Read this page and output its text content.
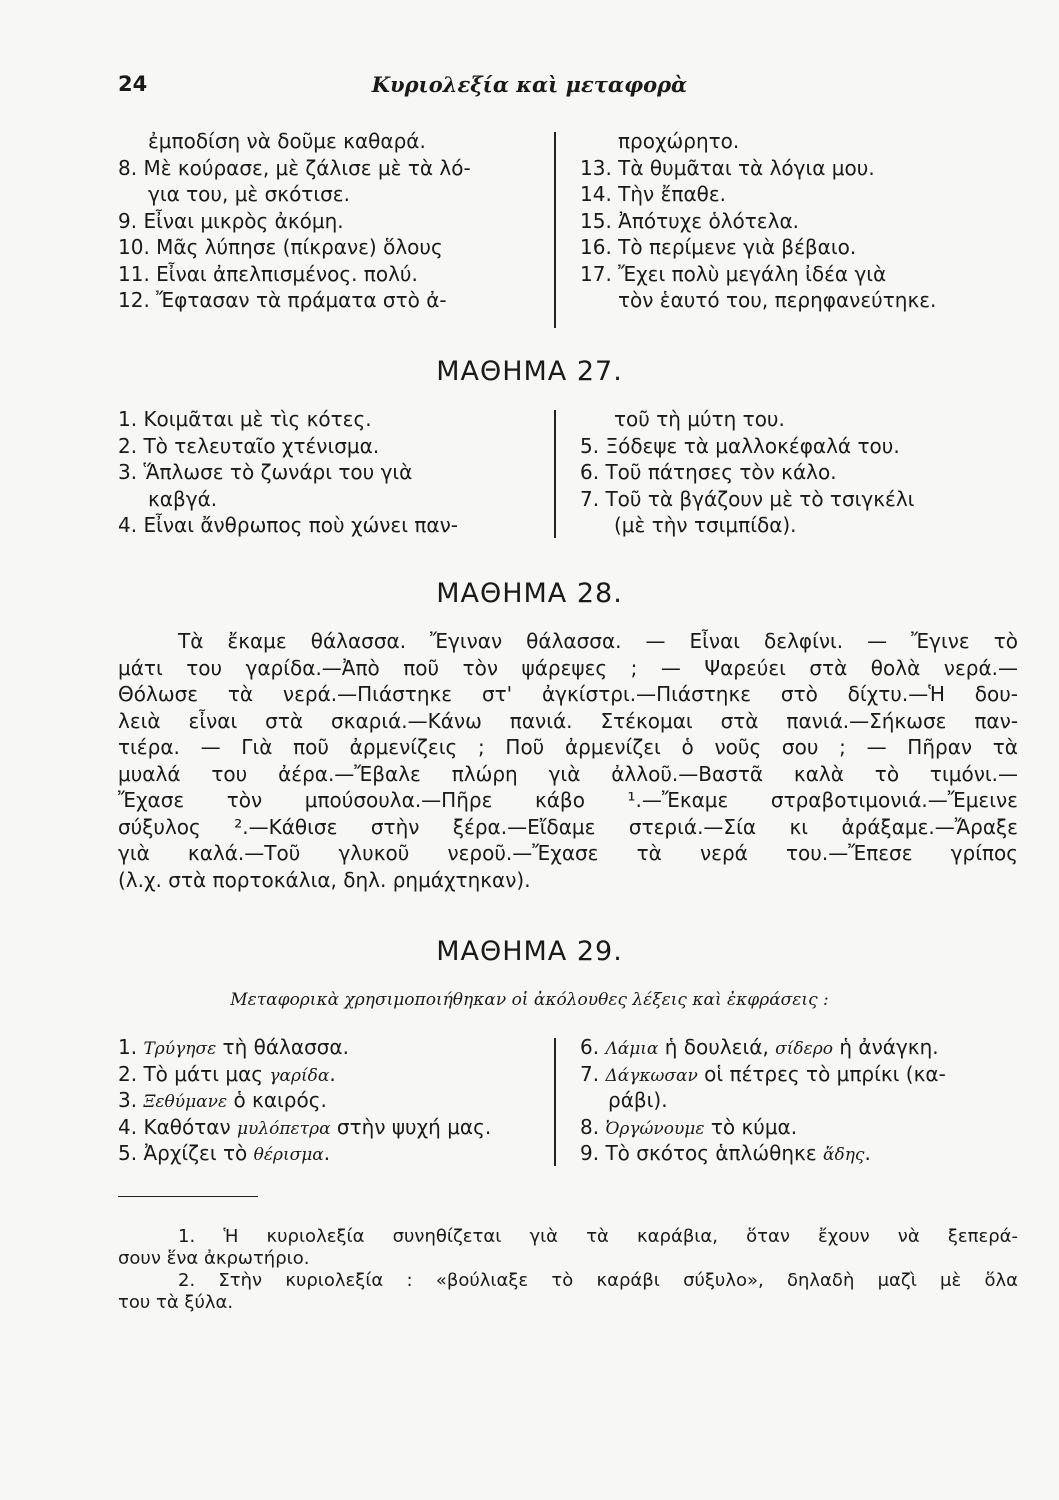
24	Κυριολεξία καὶ μεταφορὰ
ἐμποδίση νὰ δοῦμε καθαρά.
8. Μὲ κούρασε, μὲ ζάλισε μὲ τὰ λό-
για του, μὲ σκότισε.
9. Εἶναι μικρὸς ἀκόμη.
10. Μᾶς λύπησε (πίκρανε) ὅλους
11. Εἶναι ἀπελπισμένος. πολύ.
12. Ἔφτασαν τὰ πράματα στὸ ἀ-
προχώρητο.
13. Τὰ θυμᾶται τὰ λόγια μου.
14. Τὴν ἔπαθε.
15. Ἀπότυχε ὁλότελα.
16. Τὸ περίμενε γιὰ βέβαιο.
17. Ἔχει πολὺ μεγάλη ἰδέα γιὰ
τὸν ἑαυτό του, περηφανεύτηκε.
ΜΑΘΗΜΑ 27.
1. Κοιμᾶται μὲ τὶς κότες.
2. Τὸ τελευταῖο χτένισμα.
3. Ἅπλωσε τὸ ζωνάρι του γιὰ
καβγά.
4. Εἶναι ἄνθρωπος ποὺ χώνει παν-
τοῦ τὴ μύτη του.
5. Ξόδεψε τὰ μαλλοκέφαλά του.
6. Τοῦ πάτησες τὸν κάλο.
7. Τοῦ τὰ βγάζουν μὲ τὸ τσιγκέλι
(μὲ τὴν τσιμπίδα).
ΜΑΘΗΜΑ 28.
Τὰ ἔκαμε θάλασσα. Ἔγιναν θάλασσα. — Εἶναι δελφίνι. — Ἔγινε τὸ
μάτι του γαρίδα.—Ἀπὸ ποῦ τὸν ψάρεψες ; — Ψαρεύει στὰ θολὰ νερά.—
Θόλωσε τὰ νερά.—Πιάστηκε στ' ἀγκίστρι.—Πιάστηκε στὸ δίχτυ.—Ἡ δου-
λειὰ εἶναι στὰ σκαριά.—Κάνω πανιά. Στέκομαι στὰ πανιά.—Σήκωσε παν-
τιέρα. — Γιὰ ποῦ ἀρμενίζεις ; Ποῦ ἀρμενίζει ὁ νοῦς σου ; — Πῆραν τὰ
μυαλά του ἀέρα.—Ἔβαλε πλώρη γιὰ ἀλλοῦ.—Βαστᾶ καλὰ τὸ τιμόνι.—
Ἔχασε τὸν μπούσουλα.—Πῆρε κάβο ¹.—Ἔκαμε στραβοτιμονιά.—Ἔμεινε
σύξυλος ².—Κάθισε στὴν ξέρα.—Εἴδαμε στεριά.—Σία κι ἀράξαμε.—Ἄραξε
γιὰ καλά.—Τοῦ γλυκοῦ νεροῦ.—Ἔχασε τὰ νερά του.—Ἔπεσε γρίπος
(λ.χ. στὰ πορτοκάλια, δηλ. ρημάχτηκαν).
ΜΑΘΗΜΑ 29.
Μεταφορικὰ χρησιμοποιήθηκαν οἱ ἀκόλουθες λέξεις καὶ ἐκφράσεις :
1. Τρύγησε τὴ θάλασσα.
2. Τὸ μάτι μας γαρίδα.
3. Ξεθύμανε ὁ καιρός.
4. Καθόταν μυλόπετρα στὴν ψυχή μας.
5. Ἀρχίζει τὸ θέρισμα.
6. Λάμια ἡ δουλειά, σίδερο ἡ ἀνάγκη.
7. Δάγκωσαν οἱ πέτρες τὸ μπρίκι (κα-
ράβι).
8. Ὀργώνουμε τὸ κύμα.
9. Τὸ σκότος ἁπλώθηκε ἅδης.
1. Ἡ κυριολεξία συνηθίζεται γιὰ τὰ καράβια, ὅταν ἔχουν νὰ ξεπερά-
σουν ἕνα ἀκρωτήριο.
2. Στὴν κυριολεξία : «βούλιαξε τὸ καράβι σύξυλο», δηλαδὴ μαζὶ μὲ ὅλα
του τὰ ξύλα.
